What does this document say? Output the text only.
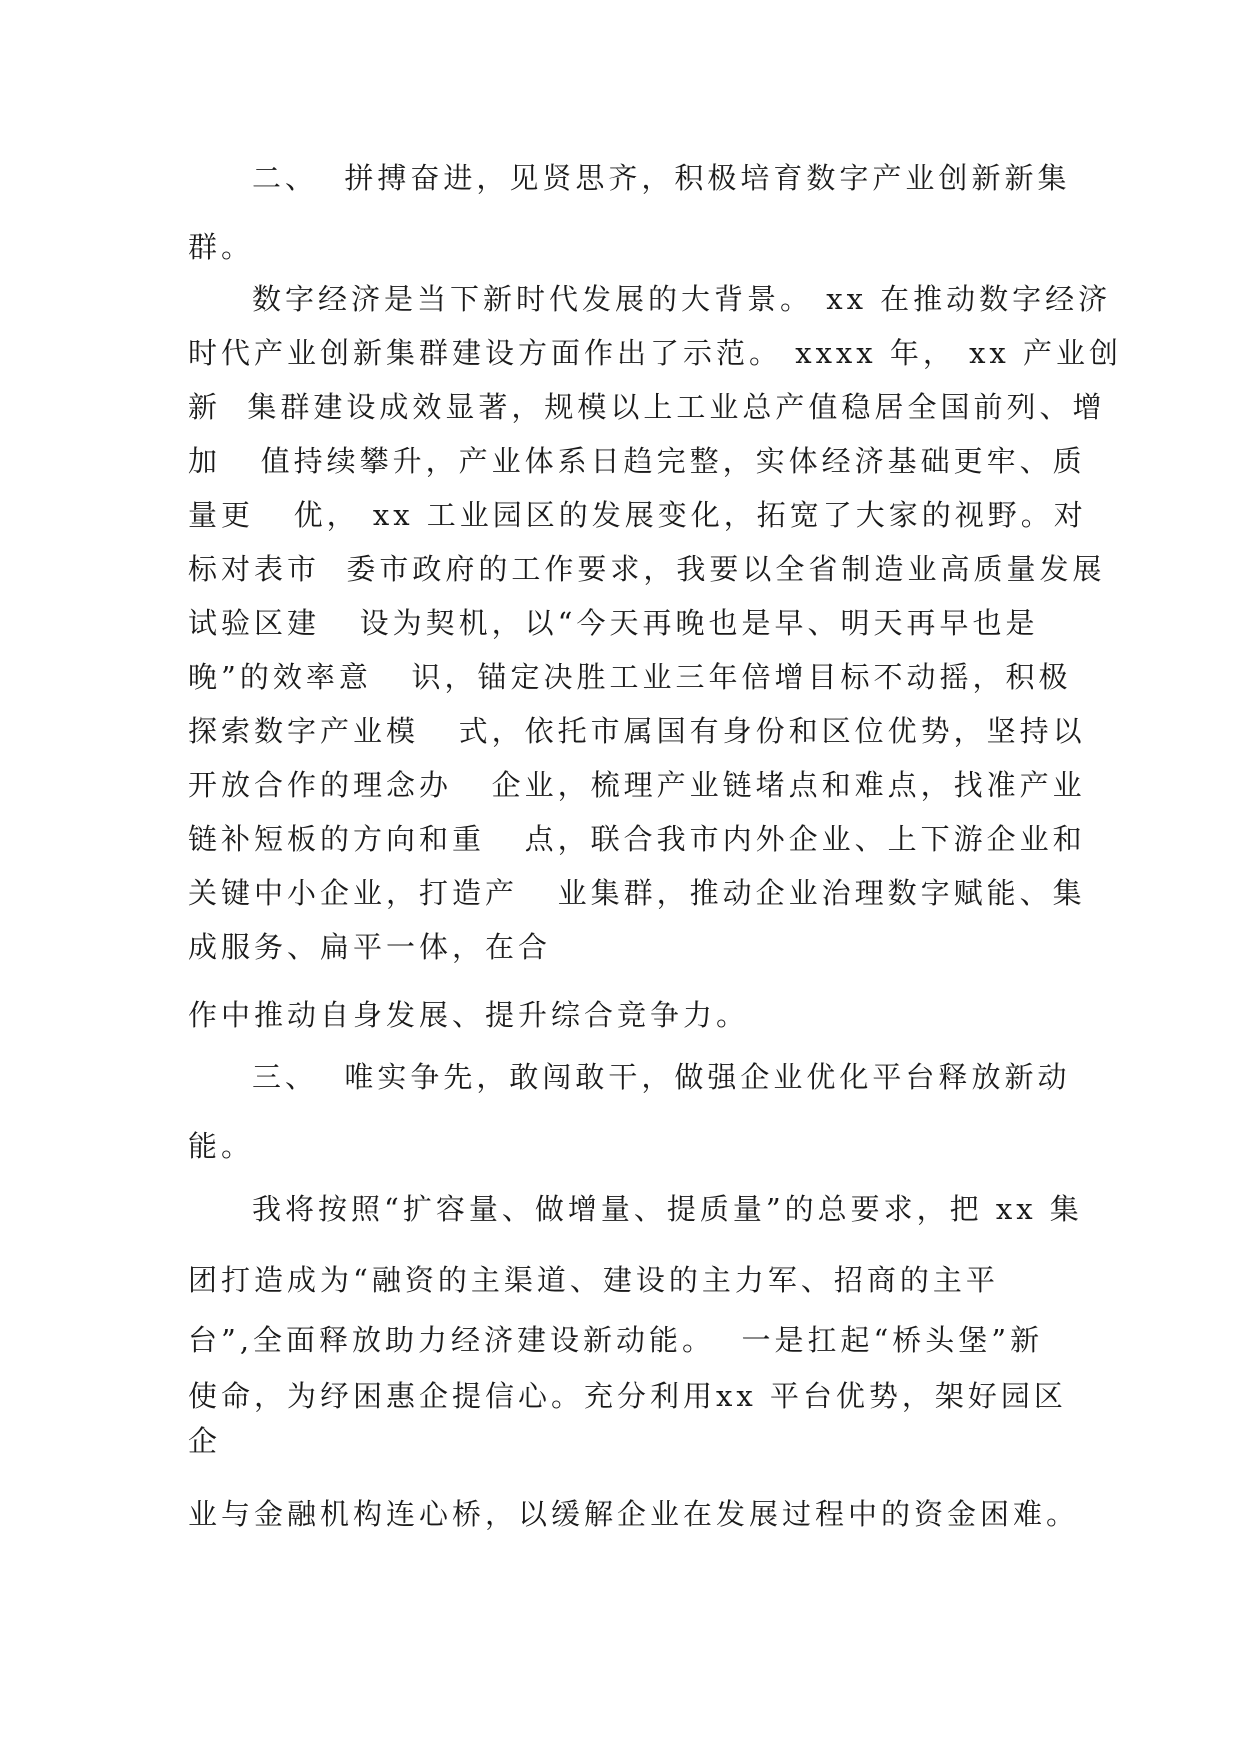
二、  拼搏奋进，见贤思齐，积极培育数字产业创新新集
群。
数字经济是当下新时代发展的大背景。 xx 在推动数字经济
时代产业创新集群建设方面作出了示范。 xxxx 年， xx 产业创
新  集群建设成效显著，规模以上工业总产值稳居全国前列、增
加   值持续攀升，产业体系日趋完整，实体经济基础更牢、质
量更   优， xx 工业园区的发展变化，拓宽了大家的视野。对
标对表市  委市政府的工作要求，我要以全省制造业高质量发展
试验区建   设为契机，以“今天再晚也是早、明天再早也是
晚”的效率意   识，锚定决胜工业三年倍增目标不动摇，积极
探索数字产业模   式，依托市属国有身份和区位优势，坚持以
开放合作的理念办   企业，梳理产业链堵点和难点，找准产业
链补短板的方向和重   点，联合我市内外企业、上下游企业和
关键中小企业，打造产   业集群，推动企业治理数字赋能、集
成服务、扁平一体，在合
作中推动自身发展、提升综合竞争力。
三、  唯实争先，敢闯敢干，做强企业优化平台释放新动
能。
我将按照“扩容量、做增量、提质量”的总要求，把 xx 集
团打造成为“融资的主渠道、建设的主力军、招商的主平
台”,全面释放助力经济建设新动能。  一是扛起“桥头堡”新
使命，为纾困惠企提信心。充分利用xx 平台优势，架好园区
企
业与金融机构连心桥，以缓解企业在发展过程中的资金困难。
